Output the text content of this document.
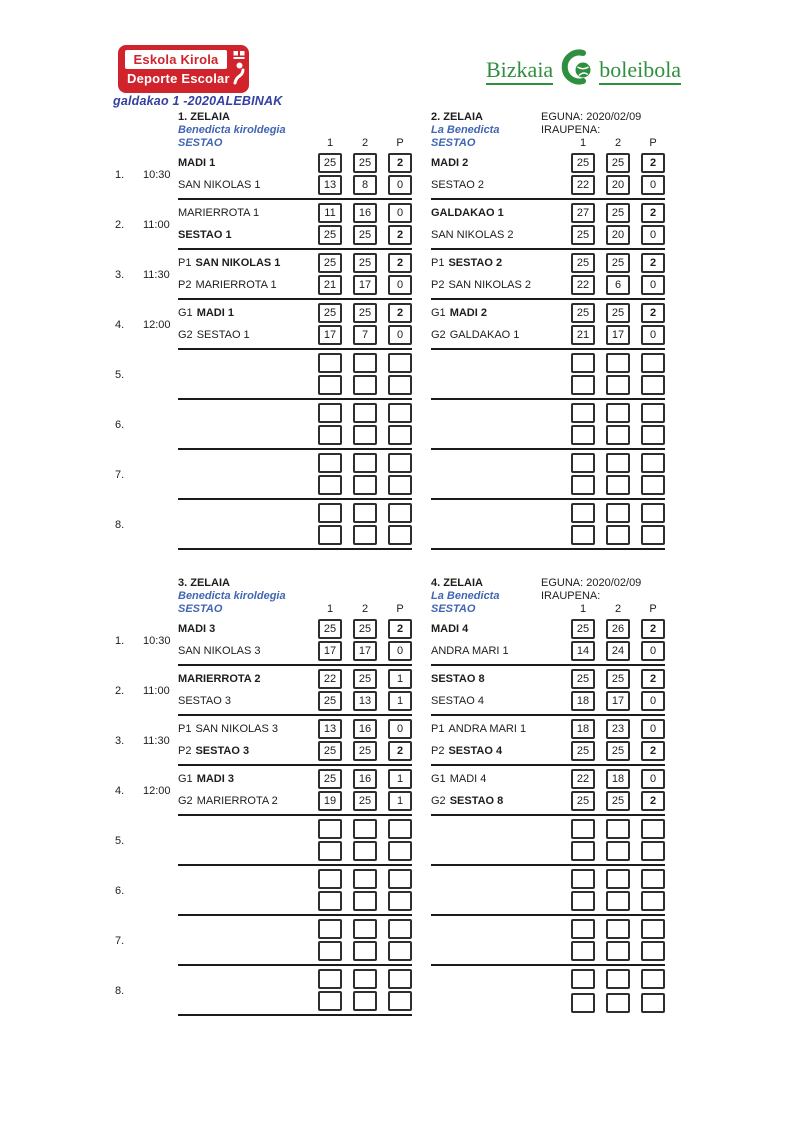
Eskola Kirola
Deporte Escolar	Bizkaia boleibola
galdakao 1 -2020ALEBINAK
1.	10:30
2.	11:00
3.	11:30
4.	12:00
5.
6.
7.
8.
1. ZELAIA
Benedicta kiroldegia
SESTAO	1	2	P
MADI 1	25 25 2
SAN NIKOLAS 1	13 8	0
MARIERROTA 1	11 16 0
SESTAO 1	25 25 2
P1 SAN NIKOLAS 1	25 25 2
P2 MARIERROTA 1	21 17 0
G1 MADI 1	25 25 2
G2 SESTAO 1	17 7	0
2. ZELAIA
La Benedicta
SESTAO
EGUNA: 2020/02/09
IRAUPENA:
1	2	P
MADI 2	25 25 2
SESTAO 2	22 20 0
GALDAKAO 1	27 25 2
SAN NIKOLAS 2	25 20 0
P1 SESTAO 2	25 25 2
P2 SAN NIKOLAS 2	22 6	0
G1 MADI 2	25 25 2
G2 GALDAKAO 1	21 17 0
1.	10:30
2.	11:00
3.	11:30
4.	12:00
5.
6.
7.
8.
3. ZELAIA
Benedicta kiroldegia
SESTAO	1	2	P
MADI 3	25 25 2
SAN NIKOLAS 3	17 17 0
MARIERROTA 2	22 25 1
SESTAO 3	25 13 1
P1 SAN NIKOLAS 3	13 16 0
P2 SESTAO 3	25 25 2
G1 MADI 3	25 16 1
G2 MARIERROTA 2	19 25 1
4. ZELAIA
La Benedicta
SESTAO
EGUNA: 2020/02/09
IRAUPENA:
1	2	P
MADI 4	25 26 2
ANDRA MARI 1	14 24 0
SESTAO 8	25 25 2
SESTAO 4	18 17 0
P1 ANDRA MARI 1	18 23 0
P2 SESTAO 4	25 25 2
G1 MADI 4	22 18 0
G2 SESTAO 8	25 25 2
